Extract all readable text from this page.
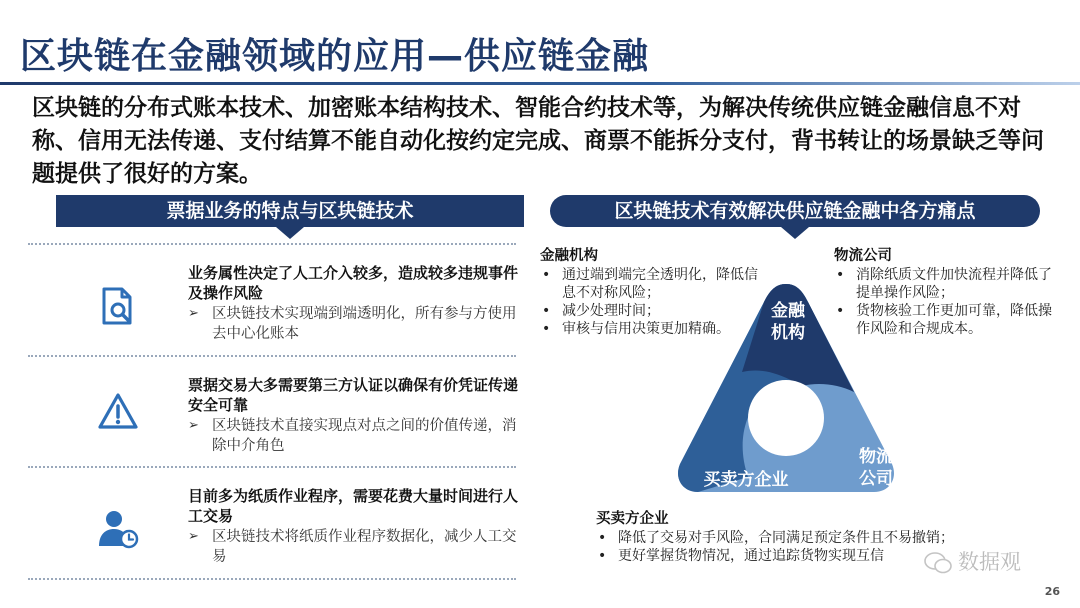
区块链在金融领域的应用—供应链金融
区块链的分布式账本技术、加密账本结构技术、智能合约技术等，为解决传统供应链金融信息不对称、信用无法传递、支付结算不能自动化按约定完成、商票不能拆分支付，背书转让的场景缺乏等问题提供了很好的方案。
票据业务的特点与区块链技术
业务属性决定了人工介入较多，造成较多违规事件及操作风险
➢ 区块链技术实现端到端透明化，所有参与方使用去中心化账本
票据交易大多需要第三方认证以确保有价凭证传递安全可靠
➢ 区块链技术直接实现点对点之间的价值传递，消除中介角色
目前多为纸质作业程序，需要花费大量时间进行人工交易
➢ 区块链技术将纸质作业程序数据化，减少人工交易
区块链技术有效解决供应链金融中各方痛点
金融机构
• 通过端到端完全透明化，降低信息不对称风险；
• 减少处理时间；
• 审核与信用决策更加精确。
物流公司
• 消除纸质文件加快流程并降低了提单操作风险；
• 货物核验工作更加可靠，降低操作风险和合规成本。
金融
机构
物流
公司
买卖方企业
买卖方企业
• 降低了交易对手风险，合同满足预定条件且不易撤销；
• 更好掌握货物情况，通过追踪货物实现互信	数据观
26
